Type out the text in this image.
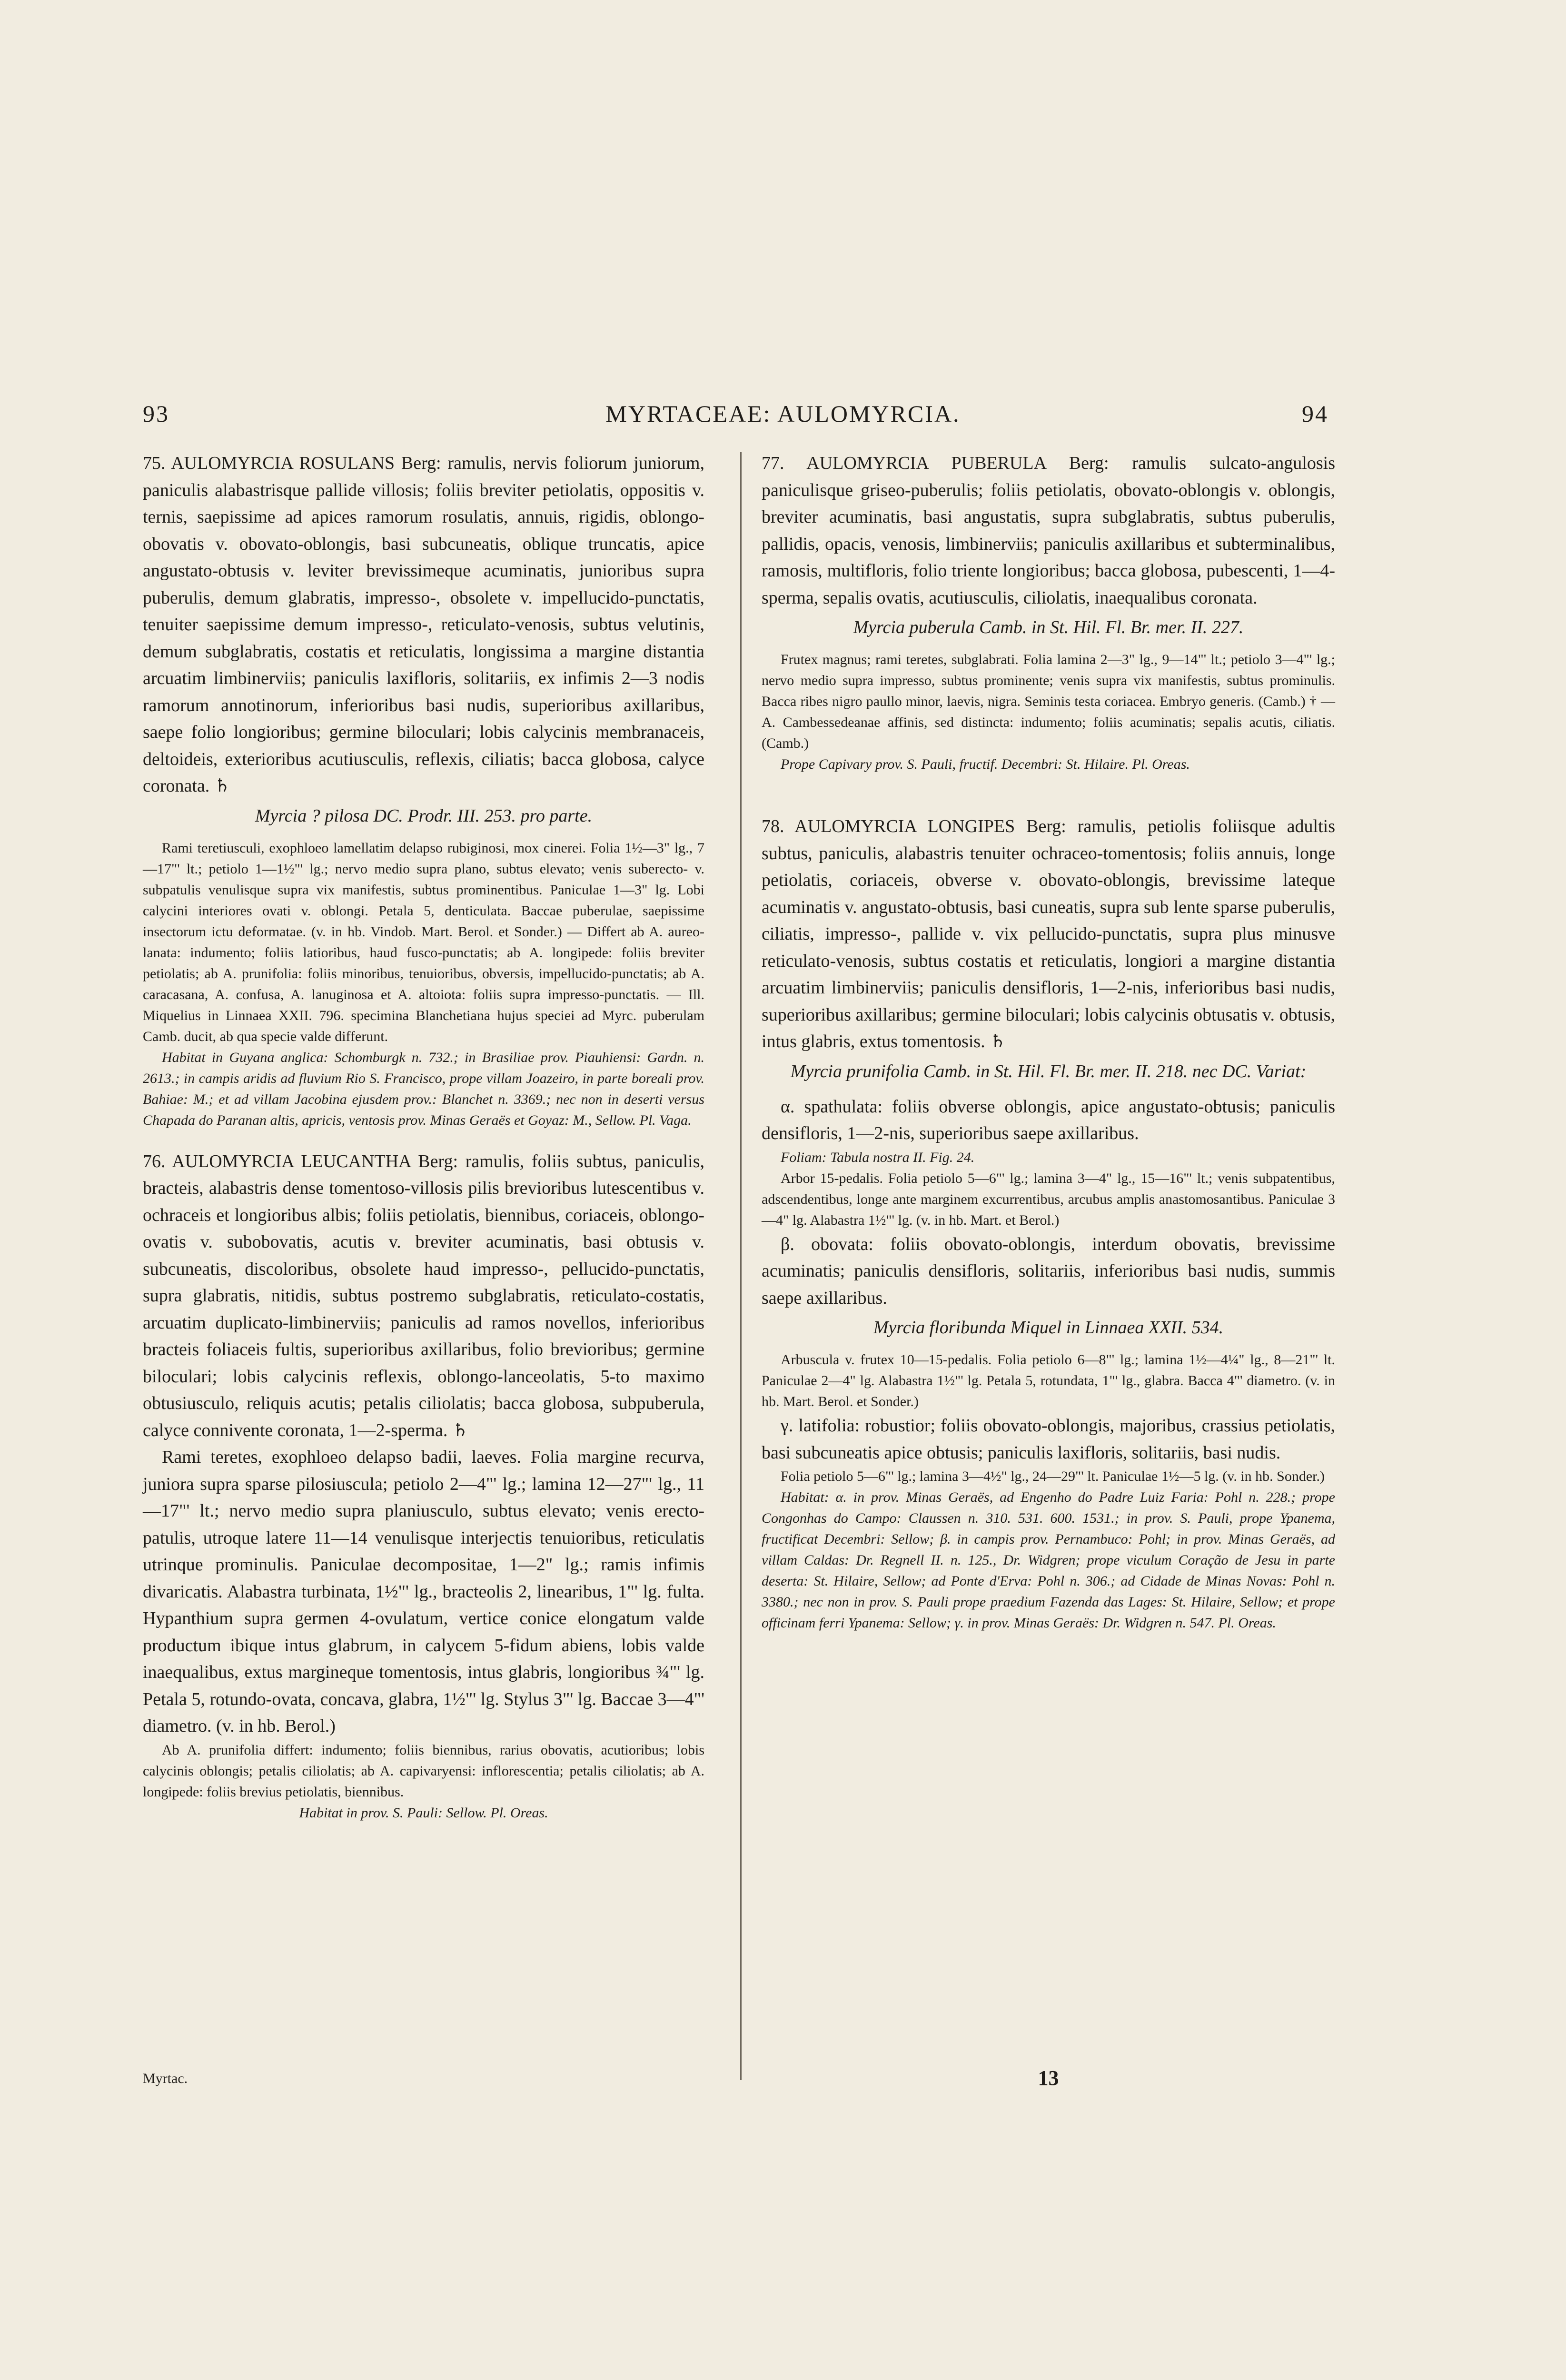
93	MYRTACEAE: AULOMYRCIA.	94

75. AULOMYRCIA ROSULANS Berg: ramulis, nervis foliorum juniorum, paniculis alabastrisque pallide villosis; foliis breviter petiolatis, oppositis v. ternis, saepissime ad apices ramorum rosulatis, annuis, rigidis, oblongo-obovatis v. obovato-oblongis, basi subcuneatis, oblique truncatis, apice angustato-obtusis v. leviter brevissimeque acuminatis, junioribus supra puberulis, demum glabratis, impresso-, obsolete v. impellucido-punctatis, tenuiter saepissime demum impresso-, reticulato-venosis, subtus velutinis, demum subglabratis, costatis et reticulatis, longissima a margine distantia arcuatim limbinerviis; paniculis laxifloris, solitariis, ex infimis 2—3 nodis ramorum annotinorum, inferioribus basi nudis, superioribus axillaribus, saepe folio longioribus; germine biloculari; lobis calycinis membranaceis, deltoideis, exterioribus acutiusculis, reflexis, ciliatis; bacca globosa, calyce coronata. ♄

Myrcia ? pilosa DC. Prodr. III. 253. pro parte.

Rami teretiusculi, exophloeo lamellatim delapso rubiginosi, mox cinerei. Folia 1½—3" lg., 7—17"' lt.; petiolo 1—1½"' lg.; nervo medio supra plano, subtus elevato; venis suberecto- v. subpatulis venulisque supra vix manifestis, subtus prominentibus. Paniculae 1—3" lg. Lobi calycini interiores ovati v. oblongi. Petala 5, denticulata. Baccae puberulae, saepissime insectorum ictu deformatae. (v. in hb. Vindob. Mart. Berol. et Sonder.) — Differt ab A. aureo-lanata: indumento; foliis latioribus, haud fusco-punctatis; ab A. longipede: foliis breviter petiolatis; ab A. prunifolia: foliis minoribus, tenuioribus, obversis, impellucido-punctatis; ab A. caracasana, A. confusa, A. lanuginosa et A. altoiota: foliis supra impresso-punctatis. — Ill. Miquelius in Linnaea XXII. 796. specimina Blanchetiana hujus speciei ad Myrc. puberulam Camb. ducit, ab qua specie valde differunt.

Habitat in Guyana anglica: Schomburgk n. 732.; in Brasiliae prov. Piauhiensi: Gardn. n. 2613.; in campis aridis ad fluvium Rio S. Francisco, prope villam Joazeiro, in parte boreali prov. Bahiae: M.; et ad villam Jacobina ejusdem prov.: Blanchet n. 3369.; nec non in deserti versus Chapada do Paranan altis, apricis, ventosis prov. Minas Geraës et Goyaz: M., Sellow. Pl. Vaga.

76. AULOMYRCIA LEUCANTHA Berg: ramulis, foliis subtus, paniculis, bracteis, alabastris dense tomentoso-villosis pilis brevioribus lutescentibus v. ochraceis et longioribus albis; foliis petiolatis, biennibus, coriaceis, oblongo-ovatis v. subobovatis, acutis v. breviter acuminatis, basi obtusis v. subcuneatis, discoloribus, obsolete haud impresso-, pellucido-punctatis, supra glabratis, nitidis, subtus postremo subglabratis, reticulato-costatis, arcuatim duplicato-limbinerviis; paniculis ad ramos novellos, inferioribus bracteis foliaceis fultis, superioribus axillaribus, folio brevioribus; germine biloculari; lobis calycinis reflexis, oblongo-lanceolatis, 5-to maximo obtusiusculo, reliquis acutis; petalis ciliolatis; bacca globosa, subpuberula, calyce connivente coronata, 1—2-sperma. ♄

Rami teretes, exophloeo delapso badii, laeves. Folia margine recurva, juniora supra sparse pilosiuscula; petiolo 2—4"' lg.; lamina 12—27"' lg., 11—17"' lt.; nervo medio supra planiusculo, subtus elevato; venis erecto-patulis, utroque latere 11—14 venulisque interjectis tenuioribus, reticulatis utrinque prominulis. Paniculae decompositae, 1—2" lg.; ramis infimis divaricatis. Alabastra turbinata, 1½"' lg., bracteolis 2, linearibus, 1"' lg. fulta. Hypanthium supra germen 4-ovulatum, vertice conice elongatum valde productum ibique intus glabrum, in calycem 5-fidum abiens, lobis valde inaequalibus, extus margineque tomentosis, intus glabris, longioribus ¾"' lg. Petala 5, rotundo-ovata, concava, glabra, 1½"' lg. Stylus 3"' lg. Baccae 3—4"' diametro. (v. in hb. Berol.)

Ab A. prunifolia differt: indumento; foliis biennibus, rarius obovatis, acutioribus; lobis calycinis oblongis; petalis ciliolatis; ab A. capivaryensi: inflorescentia; petalis ciliolatis; ab A. longipede: foliis brevius petiolatis, biennibus.

Habitat in prov. S. Pauli: Sellow. Pl. Oreas.

77. AULOMYRCIA PUBERULA Berg: ramulis sulcato-angulosis paniculisque griseo-puberulis; foliis petiolatis, obovato-oblongis v. oblongis, breviter acuminatis, basi angustatis, supra subglabratis, subtus puberulis, pallidis, opacis, venosis, limbinerviis; paniculis axillaribus et subterminalibus, ramosis, multifloris, folio triente longioribus; bacca globosa, pubescenti, 1—4-sperma, sepalis ovatis, acutiusculis, ciliolatis, inaequalibus coronata.

Myrcia puberula Camb. in St. Hil. Fl. Br. mer. II. 227.

Frutex magnus; rami teretes, subglabrati. Folia lamina 2—3" lg., 9—14"' lt.; petiolo 3—4"' lg.; nervo medio supra impresso, subtus prominente; venis supra vix manifestis, subtus prominulis. Bacca ribes nigro paullo minor, laevis, nigra. Seminis testa coriacea. Embryo generis. (Camb.) † — A. Cambessedeanae affinis, sed distincta: indumento; foliis acuminatis; sepalis acutis, ciliatis. (Camb.)

Prope Capivary prov. S. Pauli, fructif. Decembri: St. Hilaire. Pl. Oreas.

78. AULOMYRCIA LONGIPES Berg: ramulis, petiolis foliisque adultis subtus, paniculis, alabastris tenuiter ochraceo-tomentosis; foliis annuis, longe petiolatis, coriaceis, obverse v. obovato-oblongis, brevissime lateque acuminatis v. angustato-obtusis, basi cuneatis, supra sub lente sparse puberulis, ciliatis, impresso-, pallide v. vix pellucido-punctatis, supra plus minusve reticulato-venosis, subtus costatis et reticulatis, longiori a margine distantia arcuatim limbinerviis; paniculis densifloris, 1—2-nis, inferioribus basi nudis, superioribus axillaribus; germine biloculari; lobis calycinis obtusatis v. obtusis, intus glabris, extus tomentosis. ♄

Myrcia prunifolia Camb. in St. Hil. Fl. Br. mer. II. 218. nec DC. Variat:

α. spathulata: foliis obverse oblongis, apice angustato-obtusis; paniculis densifloris, 1—2-nis, superioribus saepe axillaribus.

Foliam: Tabula nostra II. Fig. 24.

Arbor 15-pedalis. Folia petiolo 5—6"' lg.; lamina 3—4" lg., 15—16"' lt.; venis subpatentibus, adscendentibus, longe ante marginem excurrentibus, arcubus amplis anastomosantibus. Paniculae 3—4" lg. Alabastra 1½"' lg. (v. in hb. Mart. et Berol.)

β. obovata: foliis obovato-oblongis, interdum obovatis, brevissime acuminatis; paniculis densifloris, solitariis, inferioribus basi nudis, summis saepe axillaribus.

Myrcia floribunda Miquel in Linnaea XXII. 534.

Arbuscula v. frutex 10—15-pedalis. Folia petiolo 6—8"' lg.; lamina 1½—4¼" lg., 8—21"' lt. Paniculae 2—4" lg. Alabastra 1½"' lg. Petala 5, rotundata, 1"' lg., glabra. Bacca 4"' diametro. (v. in hb. Mart. Berol. et Sonder.)

γ. latifolia: robustior; foliis obovato-oblongis, majoribus, crassius petiolatis, basi subcuneatis apice obtusis; paniculis laxifloris, solitariis, basi nudis.

Folia petiolo 5—6"' lg.; lamina 3—4½" lg., 24—29"' lt. Paniculae 1½—5 lg. (v. in hb. Sonder.)

Habitat: α. in prov. Minas Geraës, ad Engenho do Padre Luiz Faria: Pohl n. 228.; prope Congonhas do Campo: Claussen n. 310. 531. 600. 1531.; in prov. S. Pauli, prope Ypanema, fructificat Decembri: Sellow; β. in campis prov. Pernambuco: Pohl; in prov. Minas Geraës, ad villam Caldas: Dr. Regnell II. n. 125., Dr. Widgren; prope viculum Coração de Jesu in parte deserta: St. Hilaire, Sellow; ad Ponte d'Erva: Pohl n. 306.; ad Cidade de Minas Novas: Pohl n. 3380.; nec non in prov. S. Pauli prope praedium Fazenda das Lages: St. Hilaire, Sellow; et prope officinam ferri Ypanema: Sellow; γ. in prov. Minas Geraës: Dr. Widgren n. 547. Pl. Oreas.

Myrtac.	13
